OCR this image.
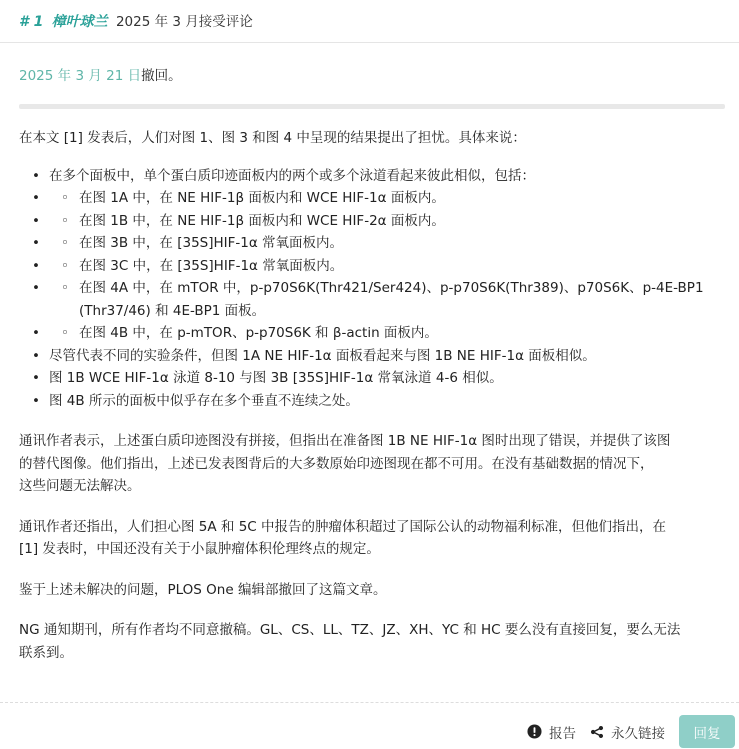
# 1 樟叶球兰 2025 年 3 月接受评论
2025 年 3 月 21 日撤回。

在本文 [1] 发表后，人们对图 1、图 3 和图 4 中呈现的结果提出了担忧。具体来说：

• 在多个面板中，单个蛋白质印迹面板内的两个或多个泳道看起来彼此相似，包括：
• ◦ 在图 1A 中，在 NE HIF-1β 面板内和 WCE HIF-1α 面板内。
• ◦ 在图 1B 中，在 NE HIF-1β 面板内和 WCE HIF-2α 面板内。
• ◦ 在图 3B 中，在 [35S]HIF-1α 常氧面板内。
• ◦ 在图 3C 中，在 [35S]HIF-1α 常氧面板内。
• ◦ 在图 4A 中，在 mTOR 中，p-p70S6K(Thr421/Ser424)、p-p70S6K(Thr389)、p70S6K、p-4E-BP1
(Thr37/46) 和 4E-BP1 面板。
• ◦ 在图 4B 中，在 p-mTOR、p-p70S6K 和 β-actin 面板内。
• 尽管代表不同的实验条件，但图 1A NE HIF-1α 面板看起来与图 1B NE HIF-1α 面板相似。
• 图 1B WCE HIF-1α 泳道 8-10 与图 3B [35S]HIF-1α 常氧泳道 4-6 相似。
• 图 4B 所示的面板中似乎存在多个垂直不连续之处。

通讯作者表示，上述蛋白质印迹图没有拼接，但指出在准备图 1B NE HIF-1α 图时出现了错误，并提供了该图
的替代图像。他们指出，上述已发表图背后的大多数原始印迹图现在都不可用。在没有基础数据的情况下，
这些问题无法解决。

通讯作者还指出，人们担心图 5A 和 5C 中报告的肿瘤体积超过了国际公认的动物福利标准，但他们指出，在
[1] 发表时，中国还没有关于小鼠肿瘤体积伦理终点的规定。

鉴于上述未解决的问题，PLOS One 编辑部撤回了这篇文章。

NG 通知期刊，所有作者均不同意撤稿。GL、CS、LL、TZ、JZ、XH、YC 和 HC 要么没有直接回复，要么无法
联系到。

报告	永久链接	回复
